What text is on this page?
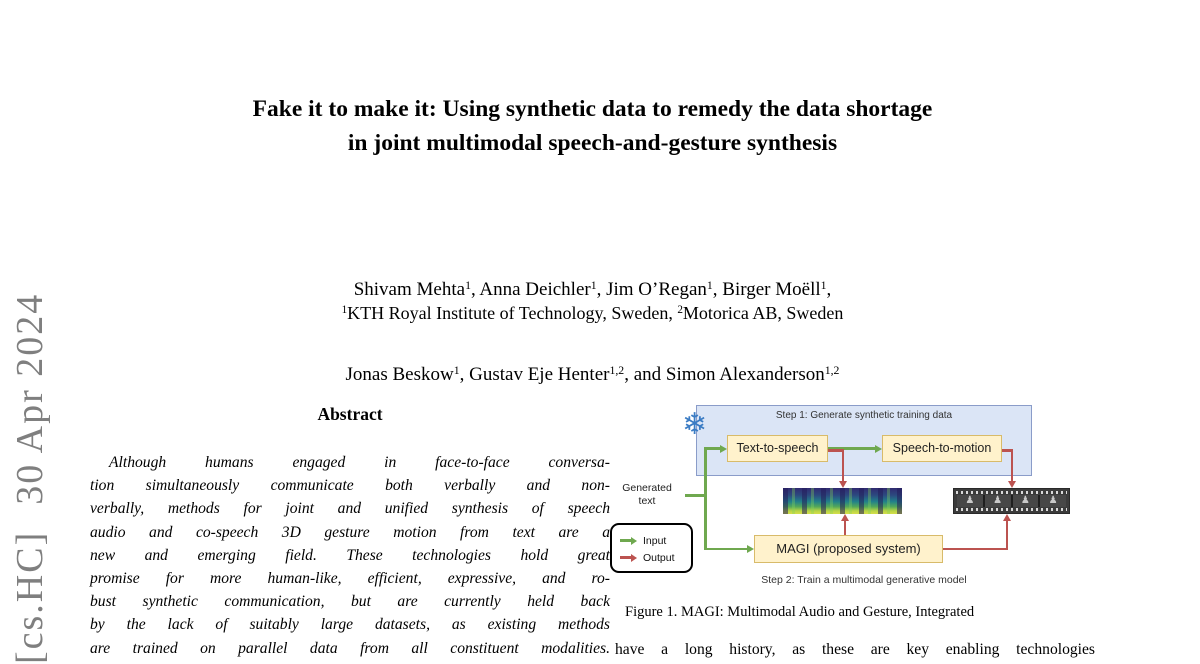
[cs.HC]30 Apr 2024
Fake it to make it: Using synthetic data to remedy the data shortage
in joint multimodal speech-and-gesture synthesis

Shivam Mehta$^1$, Anna Deichler$^1$, Jim O’Regan$^1$, Birger Moëll$^1$,

Jonas Beskow$^1$, Gustav Eje Henter$^{1,2}$, and Simon Alexanderson$^{1,2}$

$^1$KTH Royal Institute of Technology, Sweden, $^2$Motorica AB, Sweden
Abstract
Although humans engaged in face-to-face conversa-
tion simultaneously communicate both verbally and non-
verbally, methods for joint and unified synthesis of speech
audio and co-speech 3D gesture motion from text are a
new and emerging field. These technologies hold great
promise for more human-like, efficient, expressive, and ro-
bust synthetic communication, but are currently held back
by the lack of suitably large datasets, as existing methods
are trained on parallel data from all constituent modalities.
Step 1: Generate synthetic training data
❄
Text-to-speech	Speech-to-motion
MAGI (proposed system)
Generated
text
Input
Output
♟ ♟ ♟ ♟
Step 2: Train a multimodal generative model
Figure 1. MAGI: Multimodal Audio and Gesture, Integrated
have a long history, as these are key enabling technologies
